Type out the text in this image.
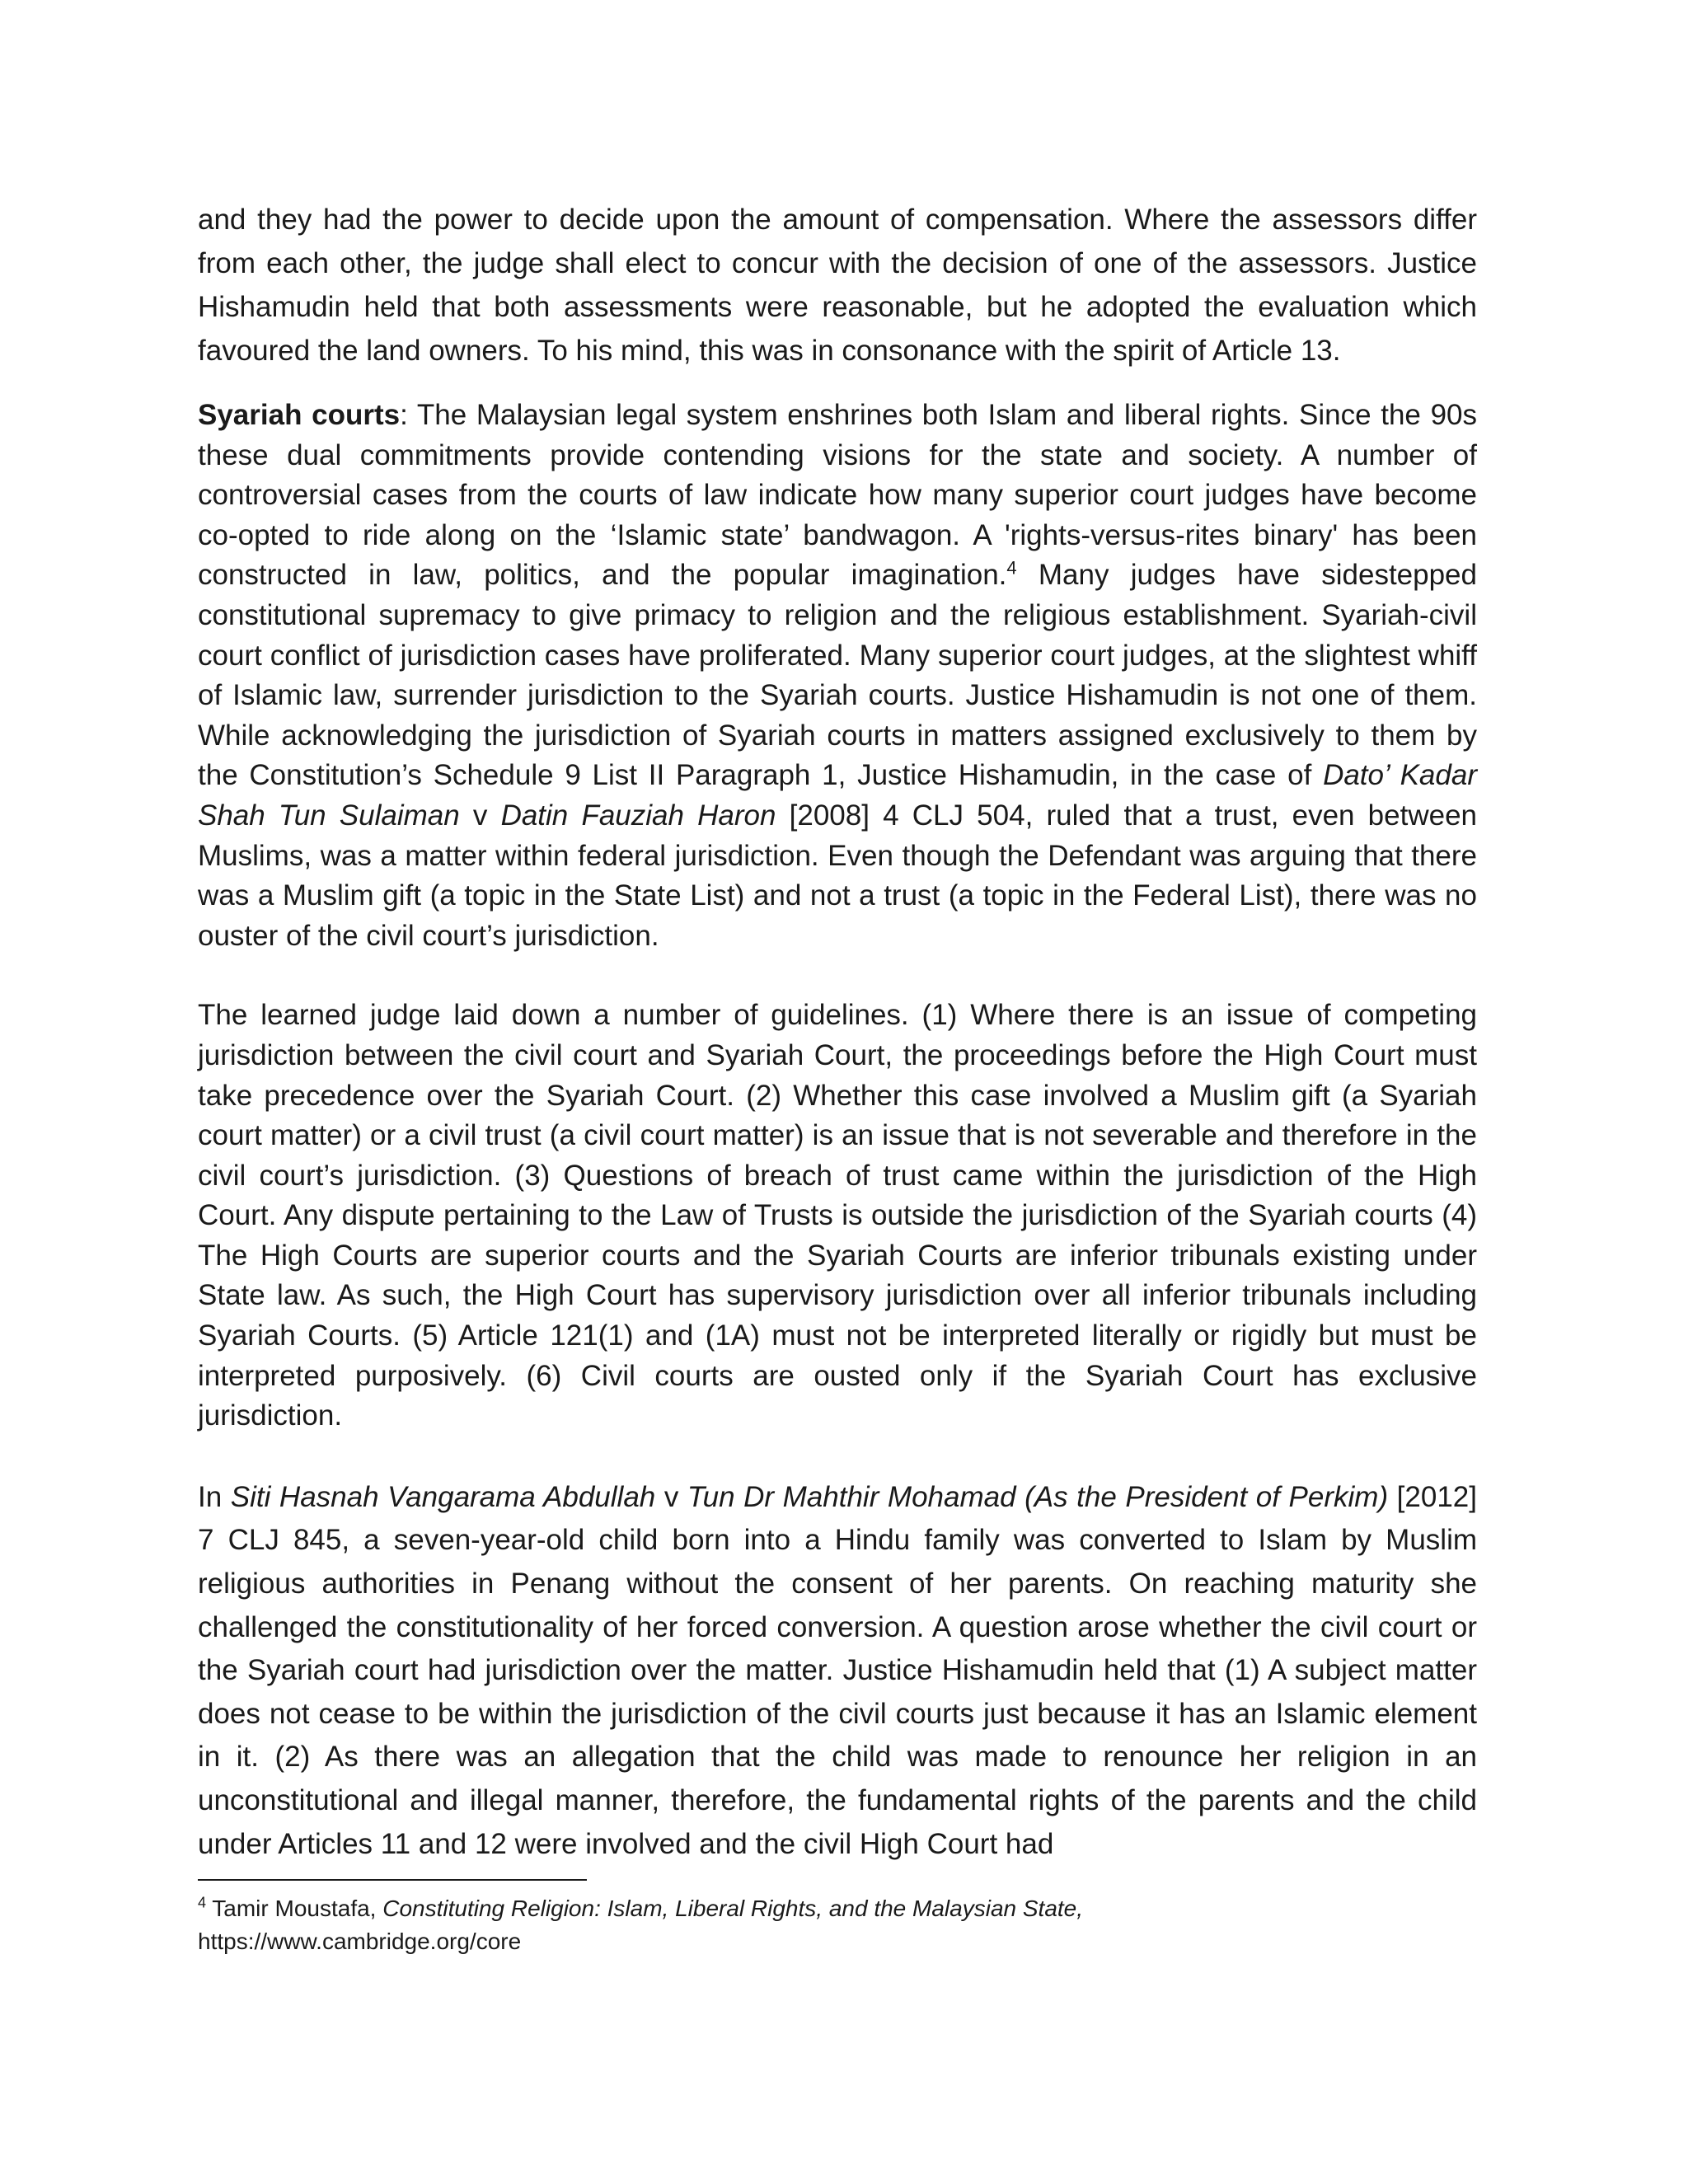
and they had the power to decide upon the amount of compensation. Where the assessors differ from each other, the judge shall elect to concur with the decision of one of the assessors. Justice Hishamudin held that both assessments were reasonable, but he adopted the evaluation which favoured the land owners. To his mind, this was in consonance with the spirit of Article 13.

Syariah courts: The Malaysian legal system enshrines both Islam and liberal rights. Since the 90s these dual commitments provide contending visions for the state and society. A number of controversial cases from the courts of law indicate how many superior court judges have become co-opted to ride along on the ‘Islamic state’ bandwagon. A 'rights-versus-rites binary' has been constructed in law, politics, and the popular imagination.$^4$ Many judges have sidestepped constitutional supremacy to give primacy to religion and the religious establishment. Syariah-civil court conflict of jurisdiction cases have proliferated. Many superior court judges, at the slightest whiff of Islamic law, surrender jurisdiction to the Syariah courts. Justice Hishamudin is not one of them. While acknowledging the jurisdiction of Syariah courts in matters assigned exclusively to them by the Constitution’s Schedule 9 List II Paragraph 1, Justice Hishamudin, in the case of Dato’ Kadar Shah Tun Sulaiman v Datin Fauziah Haron [2008] 4 CLJ 504, ruled that a trust, even between Muslims, was a matter within federal jurisdiction. Even though the Defendant was arguing that there was a Muslim gift (a topic in the State List) and not a trust (a topic in the Federal List), there was no ouster of the civil court’s jurisdiction.

The learned judge laid down a number of guidelines. (1) Where there is an issue of competing jurisdiction between the civil court and Syariah Court, the proceedings before the High Court must take precedence over the Syariah Court. (2) Whether this case involved a Muslim gift (a Syariah court matter) or a civil trust (a civil court matter) is an issue that is not severable and therefore in the civil court’s jurisdiction. (3) Questions of breach of trust came within the jurisdiction of the High Court. Any dispute pertaining to the Law of Trusts is outside the jurisdiction of the Syariah courts (4) The High Courts are superior courts and the Syariah Courts are inferior tribunals existing under State law. As such, the High Court has supervisory jurisdiction over all inferior tribunals including Syariah Courts. (5) Article 121(1) and (1A) must not be interpreted literally or rigidly but must be interpreted purposively. (6) Civil courts are ousted only if the Syariah Court has exclusive jurisdiction.

In Siti Hasnah Vangarama Abdullah v Tun Dr Mahthir Mohamad (As the President of Perkim) [2012] 7 CLJ 845, a seven-year-old child born into a Hindu family was converted to Islam by Muslim religious authorities in Penang without the consent of her parents. On reaching maturity she challenged the constitutionality of her forced conversion. A question arose whether the civil court or the Syariah court had jurisdiction over the matter. Justice Hishamudin held that (1) A subject matter does not cease to be within the jurisdiction of the civil courts just because it has an Islamic element in it. (2) As there was an allegation that the child was made to renounce her religion in an unconstitutional and illegal manner, therefore, the fundamental rights of the parents and the child under Articles 11 and 12 were involved and the civil High Court had

$^4$ Tamir Moustafa, Constituting Religion: Islam, Liberal Rights, and the Malaysian State,
https://www.cambridge.org/core
